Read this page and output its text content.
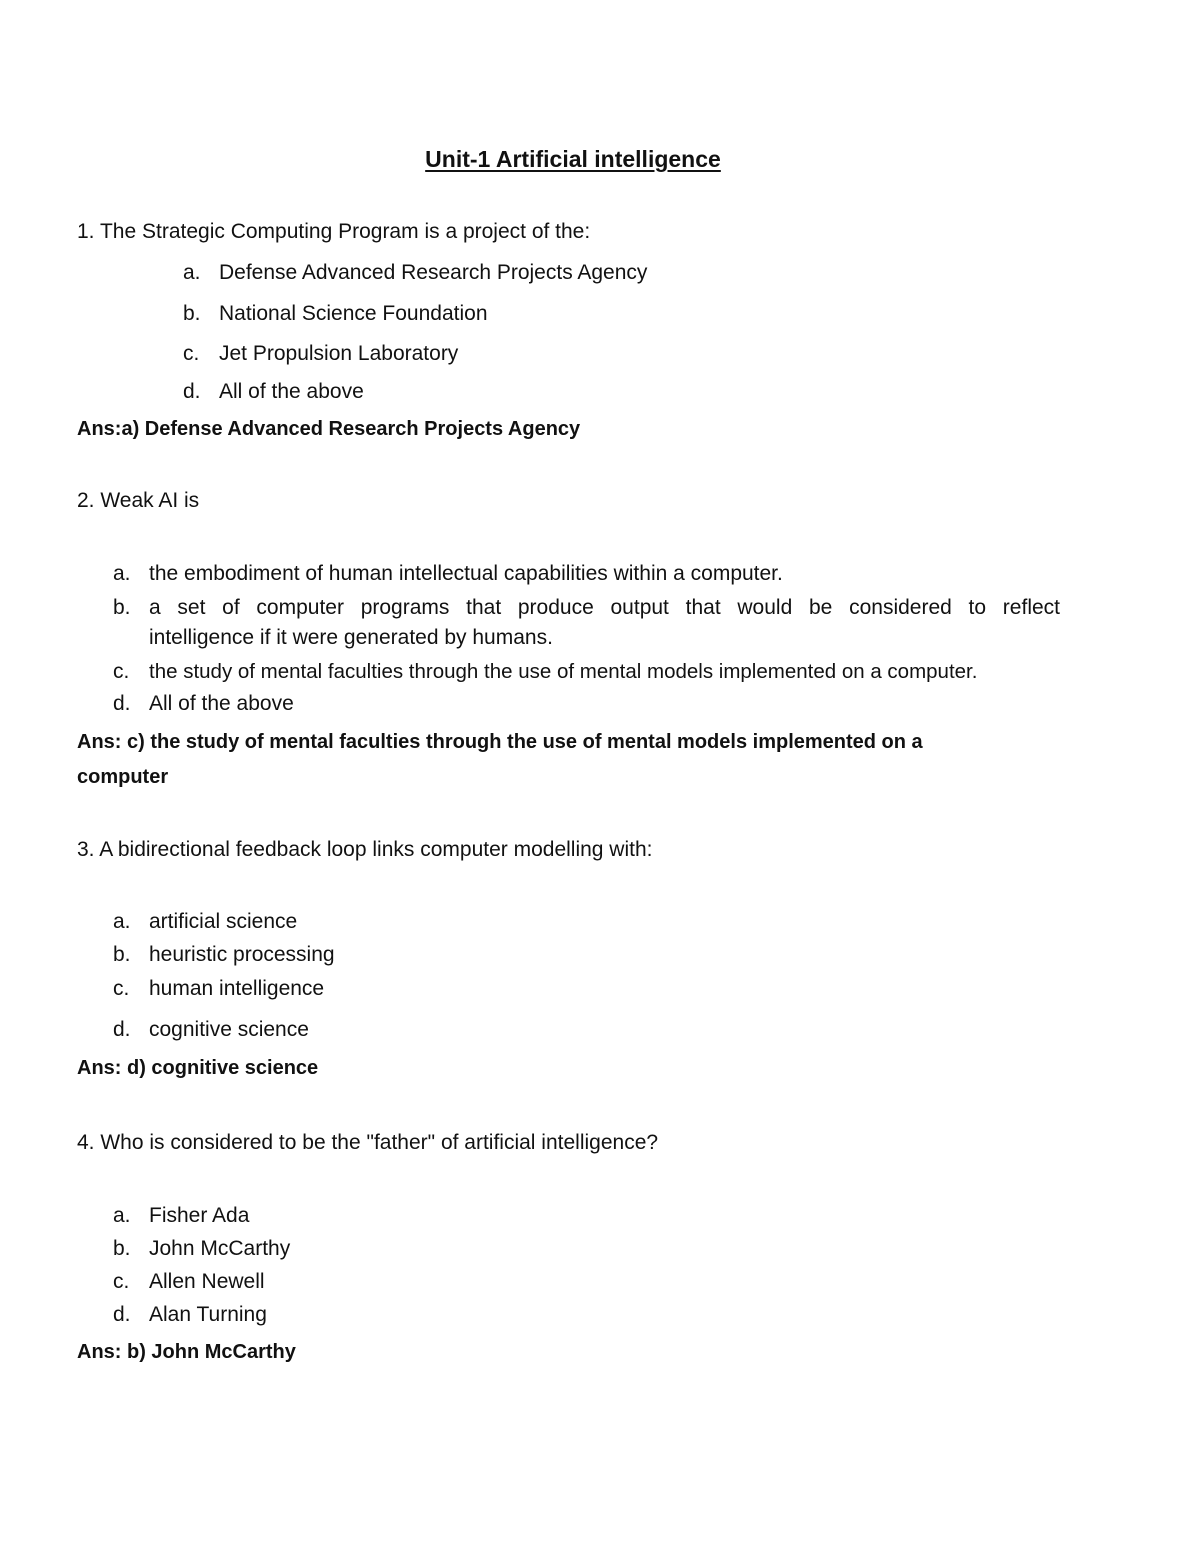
Unit-1 Artificial intelligence
1. The Strategic Computing Program is a project of the:
a. Defense Advanced Research Projects Agency
b. National Science Foundation
c. Jet Propulsion Laboratory
d. All of the above
Ans:a) Defense Advanced Research Projects Agency
2. Weak AI is
a. the embodiment of human intellectual capabilities within a computer.
b. a set of computer programs that produce output that would be considered to reflect
intelligence if it were generated by humans.
c. the study of mental faculties through the use of mental models implemented on a computer.
d. All of the above
Ans: c) the study of mental faculties through the use of mental models implemented on a
computer
3. A bidirectional feedback loop links computer modelling with:
a. artificial science
b. heuristic processing
c. human intelligence
d. cognitive science
Ans: d) cognitive science
4. Who is considered to be the "father" of artificial intelligence?
a. Fisher Ada
b. John McCarthy
c. Allen Newell
d. Alan Turning
Ans: b) John McCarthy
